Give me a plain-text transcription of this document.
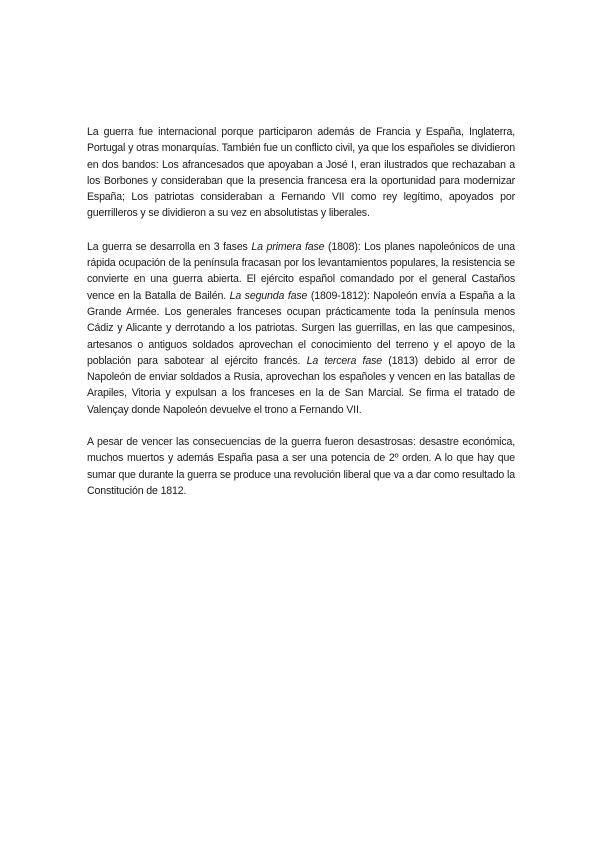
La guerra fue internacional porque participaron además de Francia y España, Inglaterra, Portugal y otras monarquías. También fue un conflicto civil, ya que los españoles se dividieron en dos bandos: Los afrancesados que apoyaban a José I, eran ilustrados que rechazaban a los Borbones y consideraban que la presencia francesa era la oportunidad para modernizar España; Los patriotas consideraban a Fernando VII como rey legítimo, apoyados por guerrilleros y se dividieron a su vez en absolutistas y liberales.

La guerra se desarrolla en 3 fases La primera fase (1808): Los planes napoleónicos de una rápida ocupación de la península fracasan por los levantamientos populares, la resistencia se convierte en una guerra abierta. El ejército español comandado por el general Castaños vence en la Batalla de Bailén. La segunda fase (1809-1812): Napoleón envía a España a la Grande Armée. Los generales franceses ocupan prácticamente toda la península menos Cádiz y Alicante y derrotando a los patriotas. Surgen las guerrillas, en las que campesinos, artesanos o antiguos soldados aprovechan el conocimiento del terreno y el apoyo de la población para sabotear al ejército francés. La tercera fase (1813) debido al error de Napoleón de enviar soldados a Rusia, aprovechan los españoles y vencen en las batallas de Arapiles, Vitoria y expulsan a los franceses en la de San Marcial. Se firma el tratado de Valençay donde Napoleón devuelve el trono a Fernando VII.

A pesar de vencer las consecuencias de la guerra fueron desastrosas: desastre económica, muchos muertos y además España pasa a ser una potencia de 2º orden. A lo que hay que sumar que durante la guerra se produce una revolución liberal que va a dar como resultado la Constitución de 1812.
